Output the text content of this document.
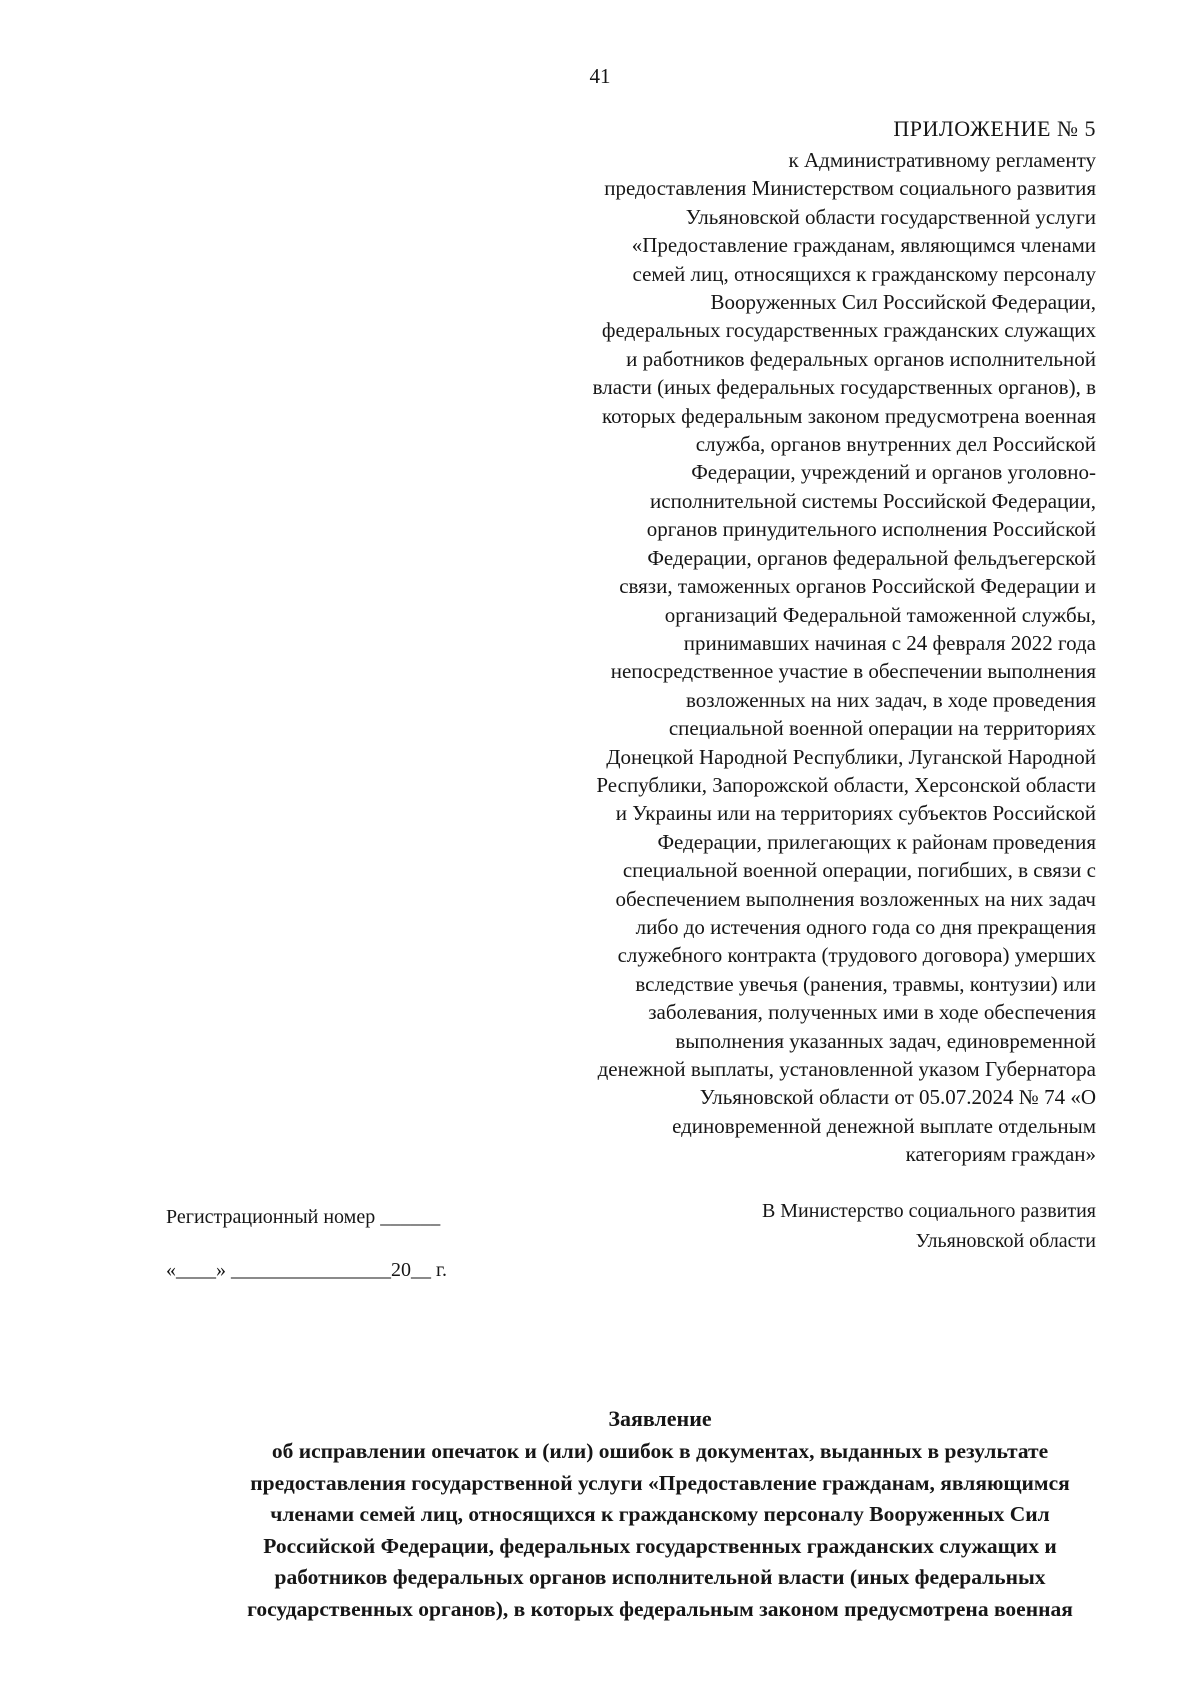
41
ПРИЛОЖЕНИЕ № 5
к Административному регламенту
предоставления Министерством социального развития
Ульяновской области государственной услуги
«Предоставление гражданам, являющимся членами
семей лиц, относящихся к гражданскому персоналу
Вооруженных Сил Российской Федерации,
федеральных государственных гражданских служащих
и работников федеральных органов исполнительной
власти (иных федеральных государственных органов), в
которых федеральным законом предусмотрена военная
служба, органов внутренних дел Российской
Федерации, учреждений и органов уголовно-
исполнительной системы Российской Федерации,
органов принудительного исполнения Российской
Федерации, органов федеральной фельдъегерской
связи, таможенных органов Российской Федерации и
организаций Федеральной таможенной службы,
принимавших начиная с 24 февраля 2022 года
непосредственное участие в обеспечении выполнения
возложенных на них задач, в ходе проведения
специальной военной операции на территориях
Донецкой Народной Республики, Луганской Народной
Республики, Запорожской области, Херсонской области
и Украины или на территориях субъектов Российской
Федерации, прилегающих к районам проведения
специальной военной операции, погибших, в связи с
обеспечением выполнения возложенных на них задач
либо до истечения одного года со дня прекращения
служебного контракта (трудового договора) умерших
вследствие увечья (ранения, травмы, контузии) или
заболевания, полученных ими в ходе обеспечения
выполнения указанных задач, единовременной
денежной выплаты, установленной указом Губернатора
Ульяновской области от 05.07.2024 № 74 «О
единовременной денежной выплате отдельным
категориям граждан»
Регистрационный номер ______
«____» ________________20__ г.
В Министерство социального развития
Ульяновской области
Заявление
об исправлении опечаток и (или) ошибок в документах, выданных в результате
предоставления государственной услуги «Предоставление гражданам, являющимся
членами семей лиц, относящихся к гражданскому персоналу Вооруженных Сил
Российской Федерации, федеральных государственных гражданских служащих и
работников федеральных органов исполнительной власти (иных федеральных
государственных органов), в которых федеральным законом предусмотрена военная
